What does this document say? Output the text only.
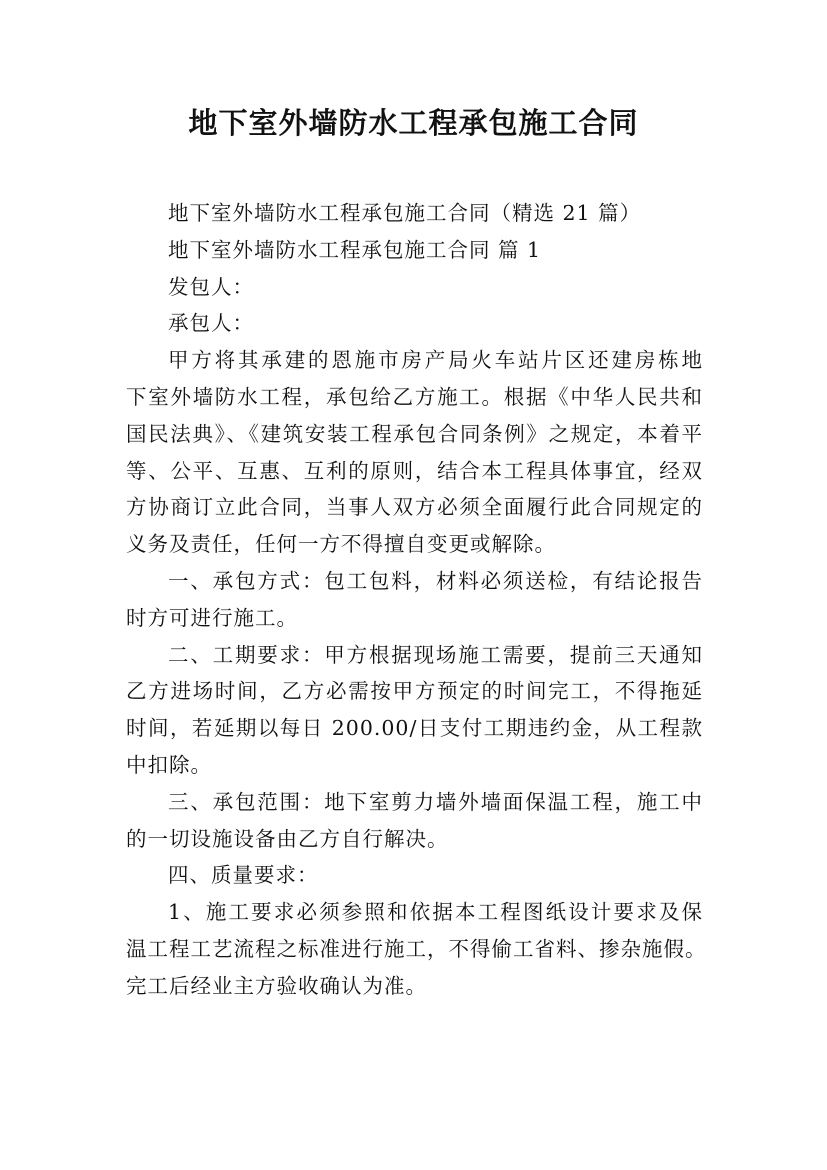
地下室外墙防水工程承包施工合同
地下室外墙防水工程承包施工合同（精选 21 篇）
地下室外墙防水工程承包施工合同 篇 1
发包人：
承包人：
甲方将其承建的恩施市房产局火车站片区还建房栋地
下室外墙防水工程，承包给乙方施工。根据《中华人民共和
国民法典》、《建筑安装工程承包合同条例》之规定，本着平
等、公平、互惠、互利的原则，结合本工程具体事宜，经双
方协商订立此合同，当事人双方必须全面履行此合同规定的
义务及责任，任何一方不得擅自变更或解除。
一、承包方式：包工包料，材料必须送检，有结论报告
时方可进行施工。
二、工期要求：甲方根据现场施工需要，提前三天通知
乙方进场时间，乙方必需按甲方预定的时间完工，不得拖延
时间，若延期以每日 200.00/日支付工期违约金，从工程款
中扣除。
三、承包范围：地下室剪力墙外墙面保温工程，施工中
的一切设施设备由乙方自行解决。
四、质量要求：
1、施工要求必须参照和依据本工程图纸设计要求及保
温工程工艺流程之标准进行施工，不得偷工省料、掺杂施假。
完工后经业主方验收确认为准。
